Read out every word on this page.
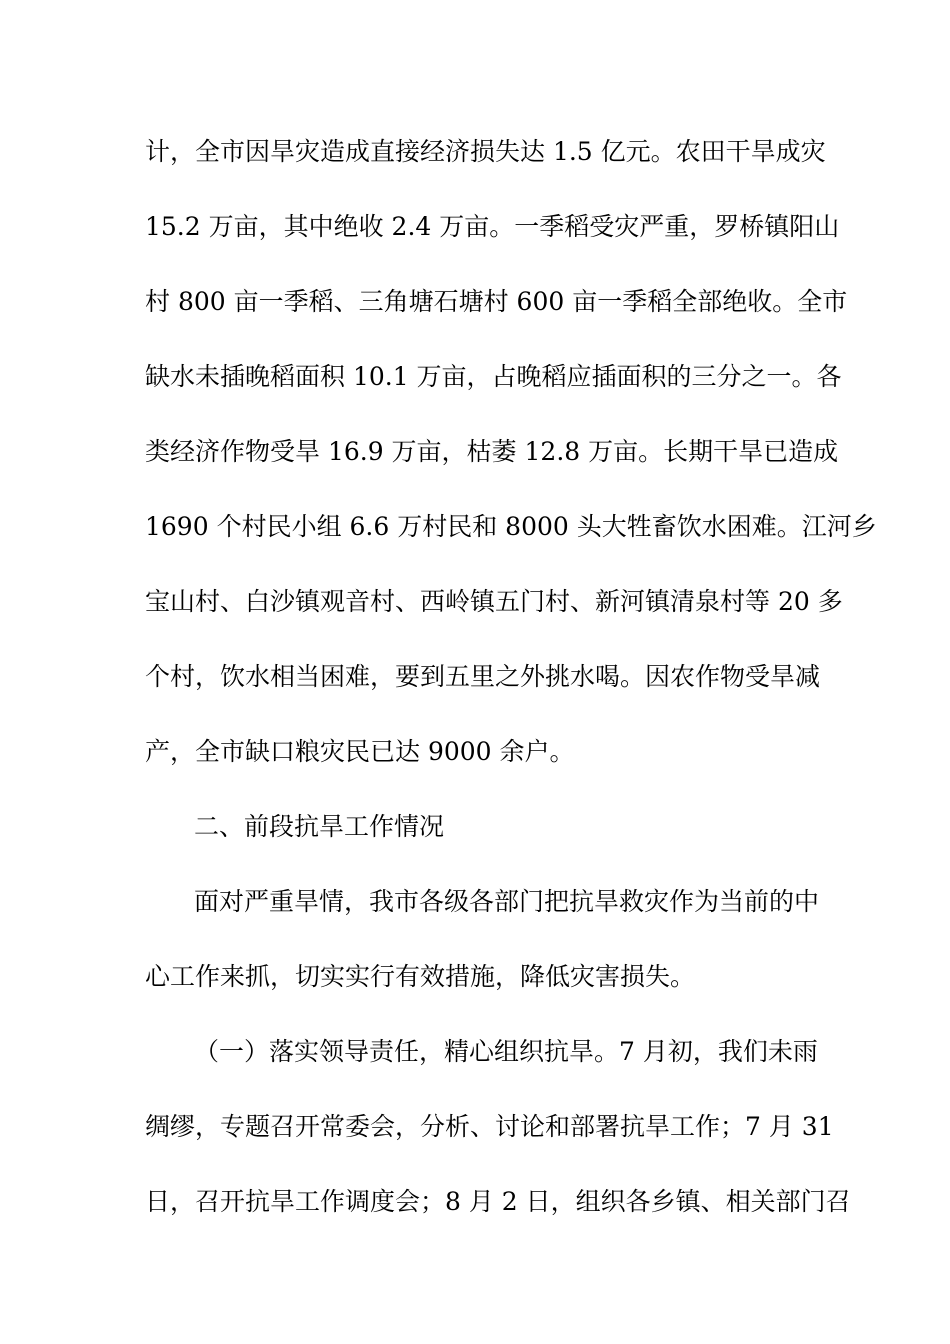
计，全市因旱灾造成直接经济损失达 1.5 亿元。农田干旱成灾
15.2 万亩，其中绝收 2.4 万亩。一季稻受灾严重，罗桥镇阳山
村 800 亩一季稻、三角塘石塘村 600 亩一季稻全部绝收。全市
缺水未插晚稻面积 10.1 万亩，占晚稻应插面积的三分之一。各
类经济作物受旱 16.9 万亩，枯萎 12.8 万亩。长期干旱已造成
1690 个村民小组 6.6 万村民和 8000 头大牲畜饮水困难。江河乡
宝山村、白沙镇观音村、西岭镇五门村、新河镇清泉村等 20 多
个村，饮水相当困难，要到五里之外挑水喝。因农作物受旱减
产，全市缺口粮灾民已达 9000 余户。
二、前段抗旱工作情况
面对严重旱情，我市各级各部门把抗旱救灾作为当前的中
心工作来抓，切实实行有效措施，降低灾害损失。
（一）落实领导责任，精心组织抗旱。7 月初，我们未雨
绸缪，专题召开常委会，分析、讨论和部署抗旱工作；7 月 31
日，召开抗旱工作调度会；8 月 2 日，组织各乡镇、相关部门召
